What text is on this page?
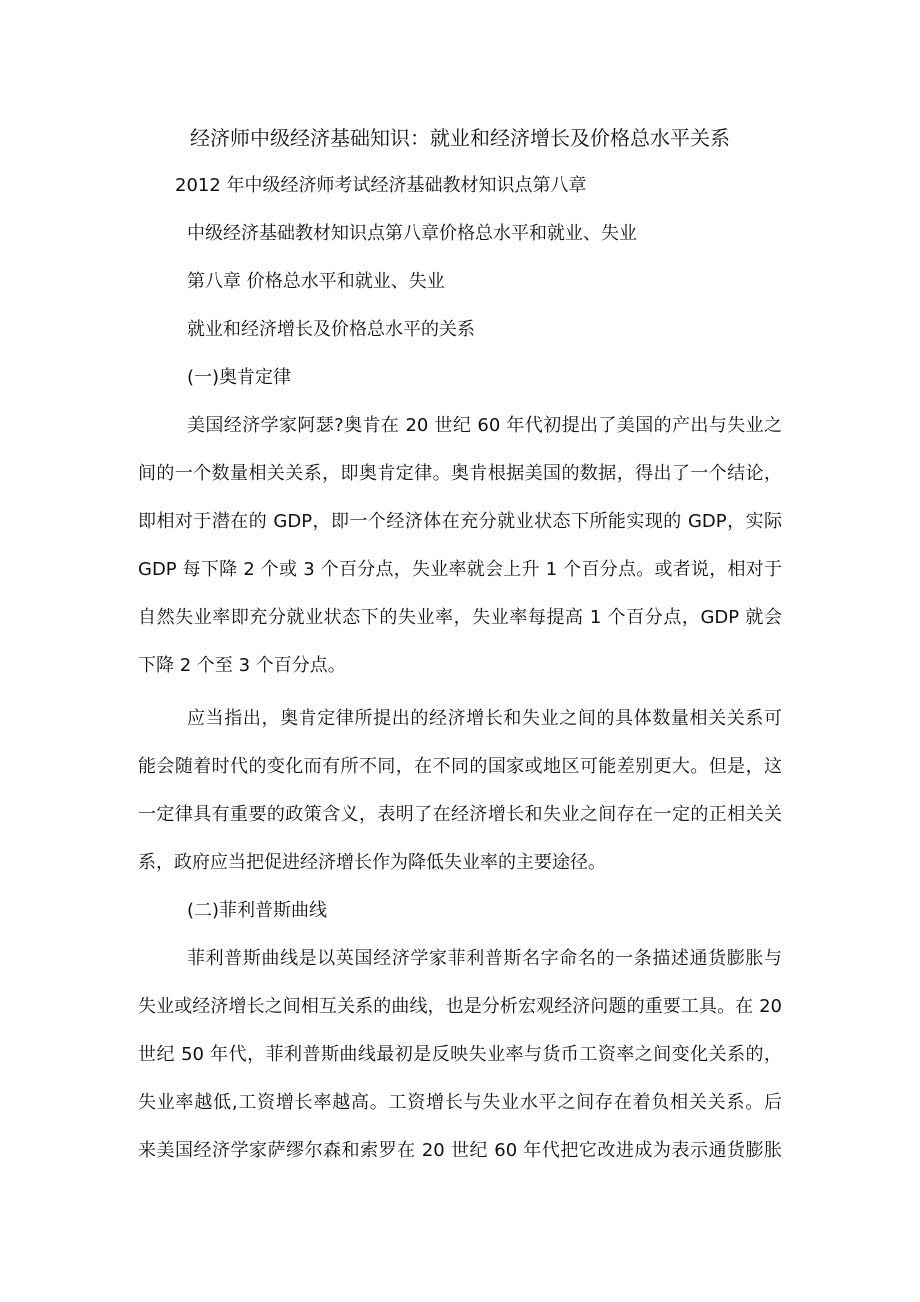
经济师中级经济基础知识：就业和经济增长及价格总水平关系
2012 年中级经济师考试经济基础教材知识点第八章
中级经济基础教材知识点第八章价格总水平和就业、失业
第八章 价格总水平和就业、失业
就业和经济增长及价格总水平的关系
(一)奥肯定律
美国经济学家阿瑟?奥肯在 20 世纪 60 年代初提出了美国的产出与失业之
间的一个数量相关关系，即奥肯定律。奥肯根据美国的数据，得出了一个结论，
即相对于潜在的 GDP，即一个经济体在充分就业状态下所能实现的 GDP，实际
GDP 每下降 2 个或 3 个百分点，失业率就会上升 1 个百分点。或者说，相对于
自然失业率即充分就业状态下的失业率，失业率每提高 1 个百分点，GDP 就会
下降 2 个至 3 个百分点。
应当指出，奥肯定律所提出的经济增长和失业之间的具体数量相关关系可
能会随着时代的变化而有所不同，在不同的国家或地区可能差别更大。但是，这
一定律具有重要的政策含义，表明了在经济增长和失业之间存在一定的正相关关
系，政府应当把促进经济增长作为降低失业率的主要途径。
(二)菲利普斯曲线
菲利普斯曲线是以英国经济学家菲利普斯名字命名的一条描述通货膨胀与
失业或经济增长之间相互关系的曲线，也是分析宏观经济问题的重要工具。在 20
世纪 50 年代，菲利普斯曲线最初是反映失业率与货币工资率之间变化关系的，
失业率越低,工资增长率越高。工资增长与失业水平之间存在着负相关关系。后
来美国经济学家萨缪尔森和索罗在 20 世纪 60 年代把它改进成为表示通货膨胀
